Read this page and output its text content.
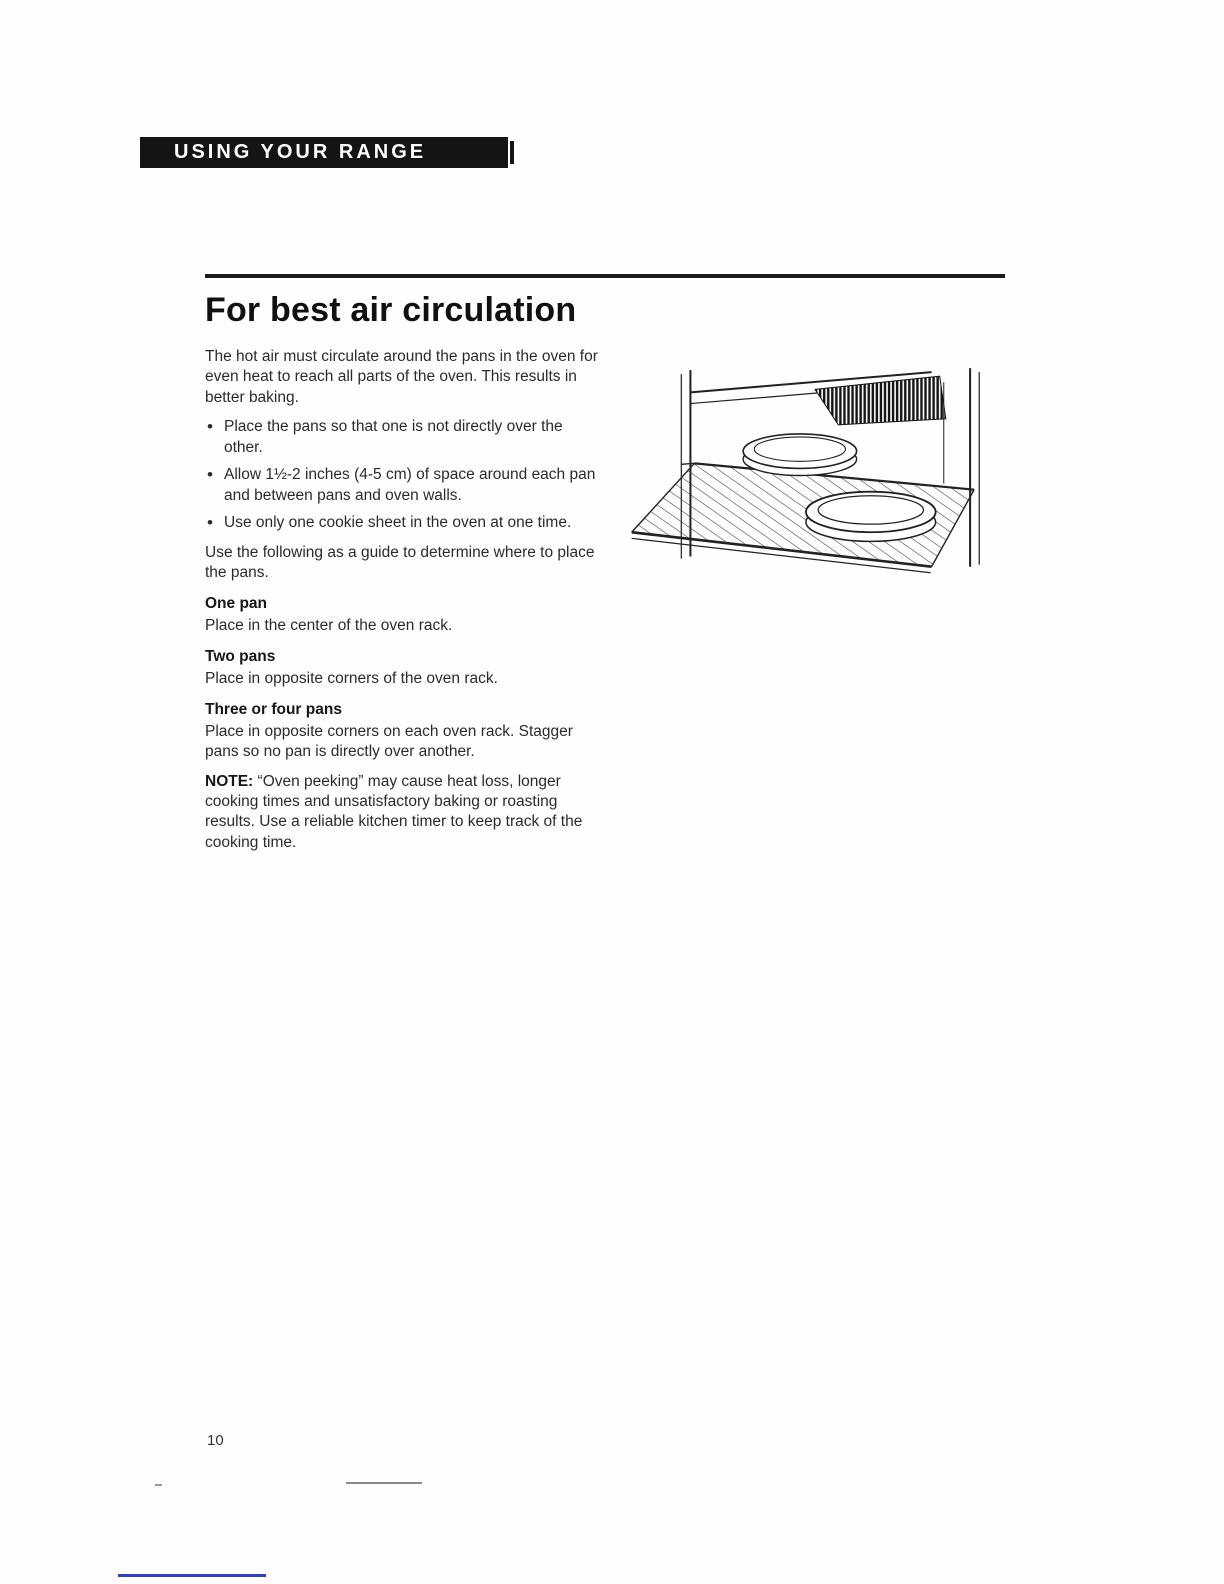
USING YOUR RANGE
For best air circulation

The hot air must circulate around the pans in the oven for even heat to reach all parts of the oven. This results in better baking.

• Place the pans so that one is not directly over the other.
• Allow 1½-2 inches (4-5 cm) of space around each pan and between pans and oven walls.
• Use only one cookie sheet in the oven at one time.

Use the following as a guide to determine where to place the pans.

One pan

Place in the center of the oven rack.

Two pans

Place in opposite corners of the oven rack.

Three or four pans

Place in opposite corners on each oven rack. Stagger pans so no pan is directly over another.

NOTE: “Oven peeking” may cause heat loss, longer cooking times and unsatisfactory baking or roasting results. Use a reliable kitchen timer to keep track of the cooking time.

10
